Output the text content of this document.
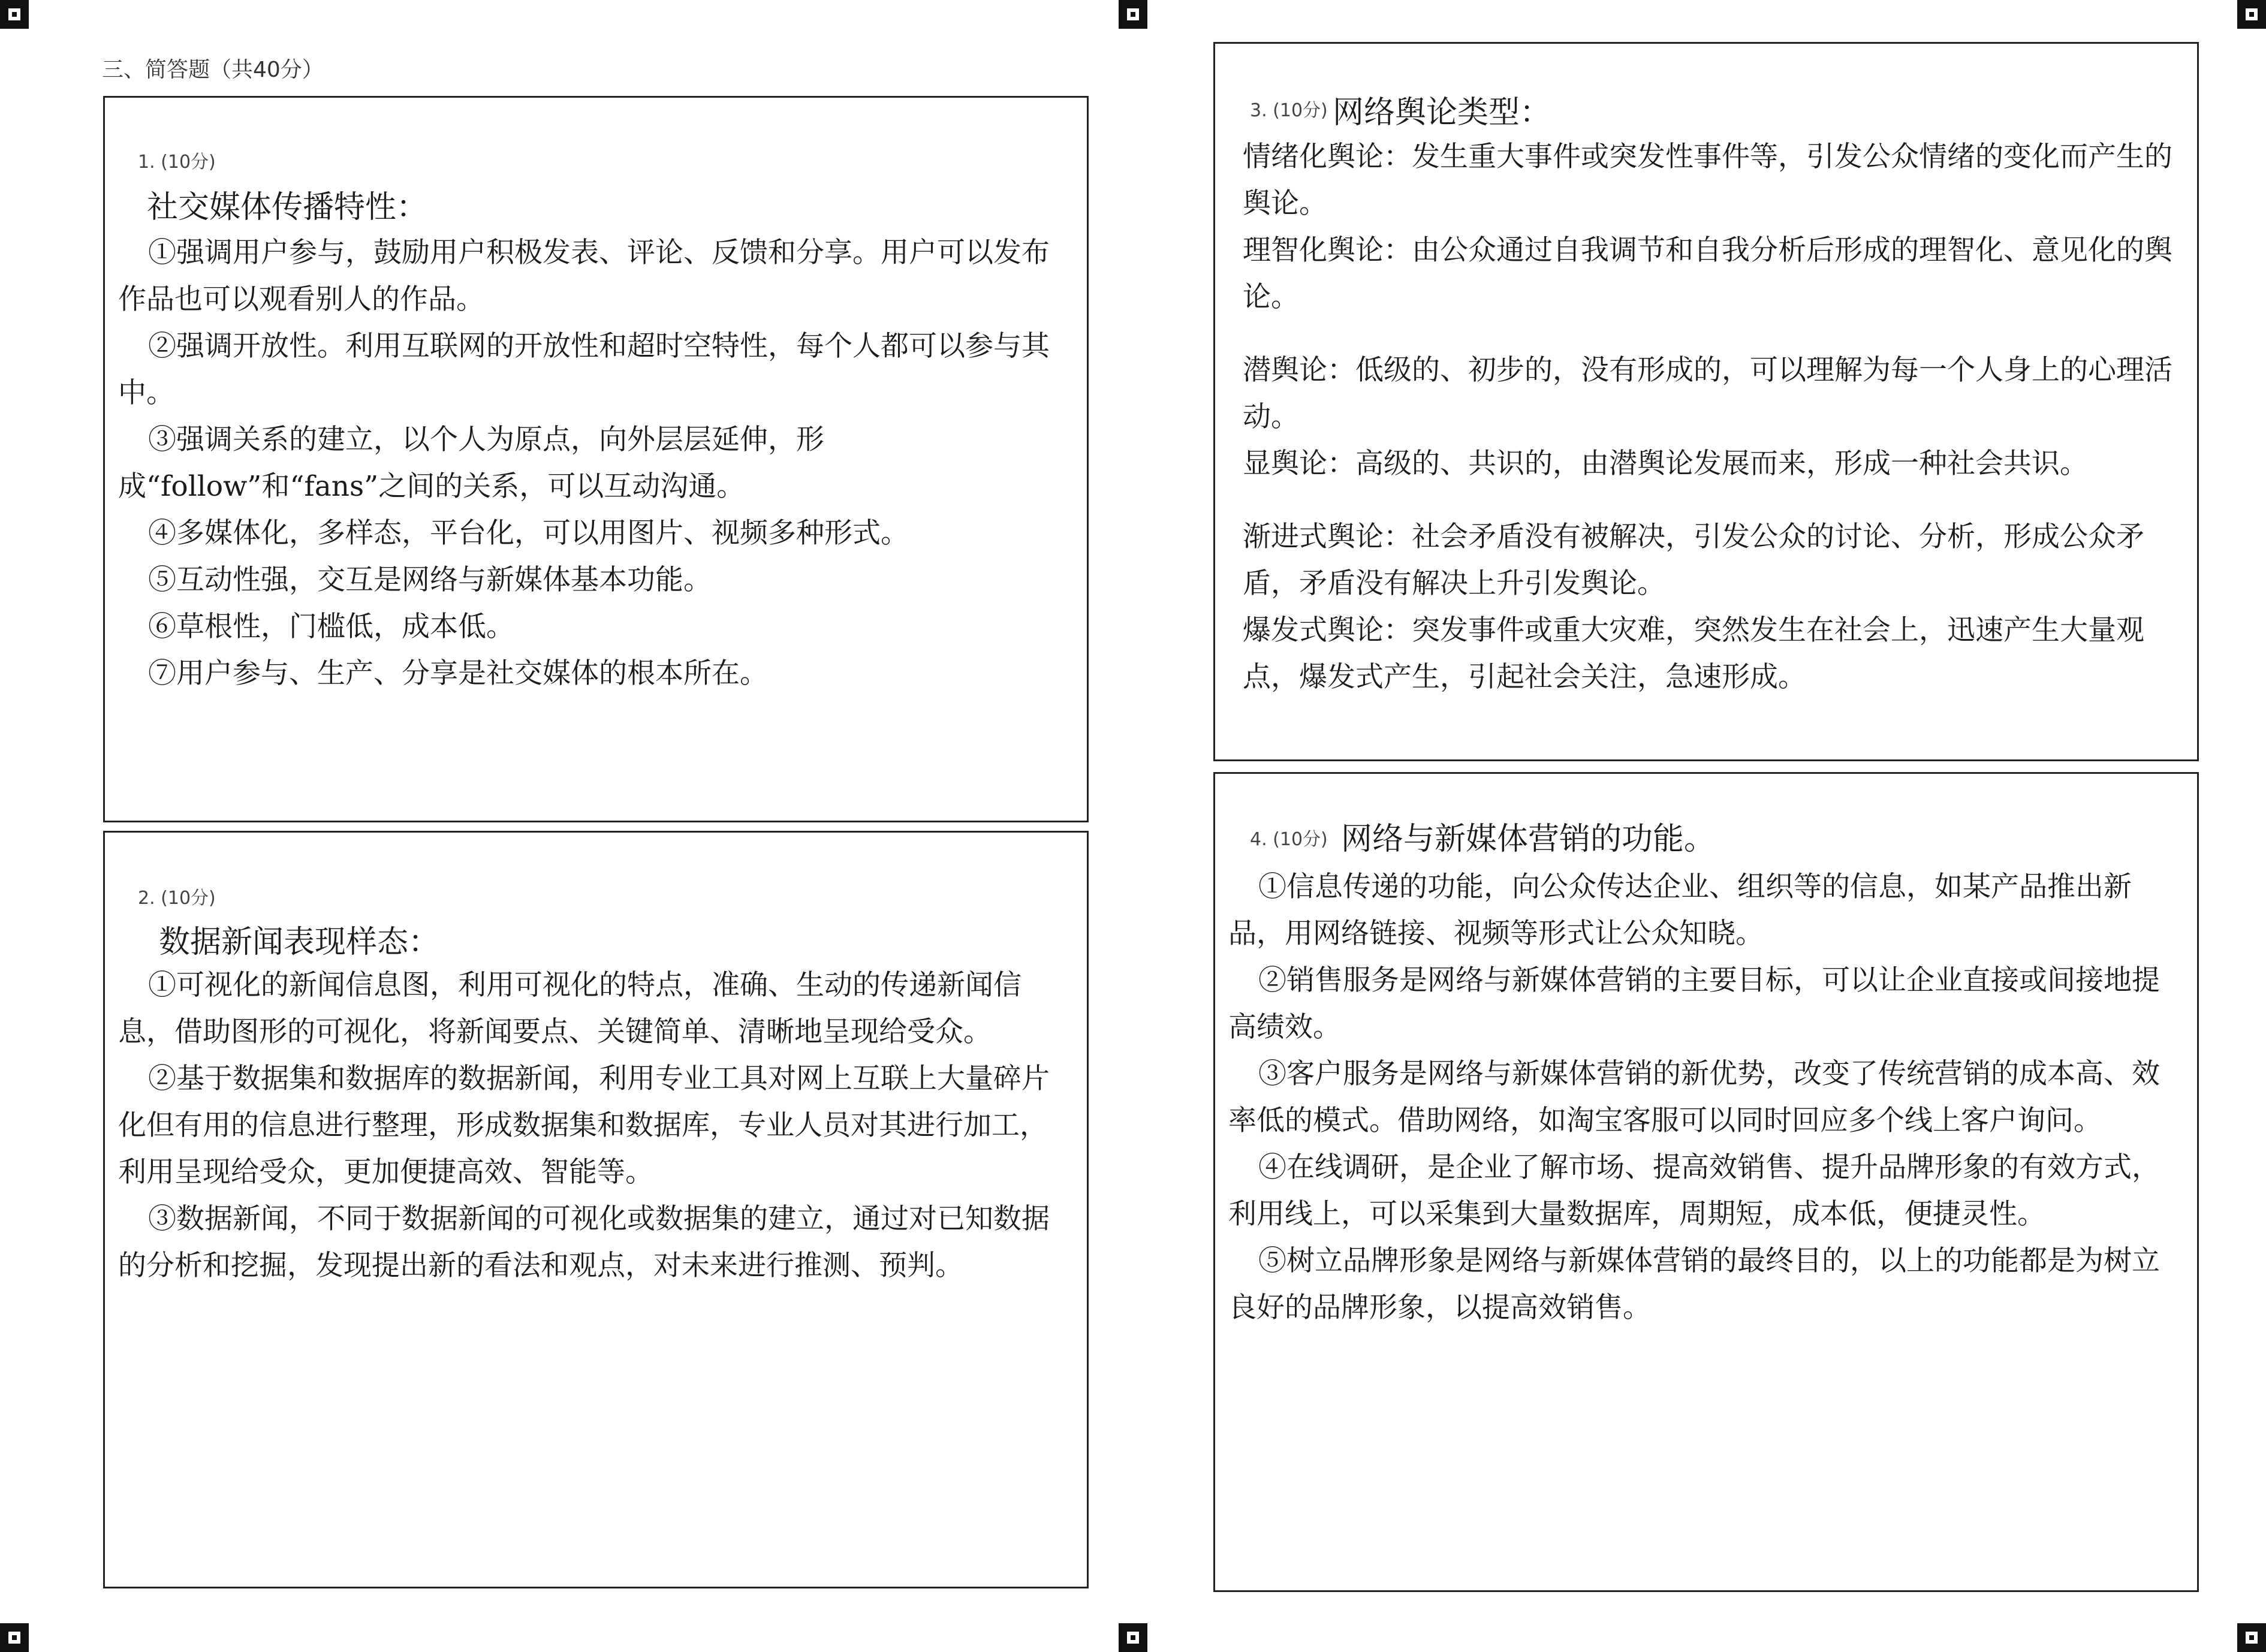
三、简答题（共40分）
1. (10分)
社交媒体传播特性：

①强调用户参与，鼓励用户积极发表、评论、反馈和分享。用户可以发布作品也可以观看别人的作品。

②强调开放性。利用互联网的开放性和超时空特性，每个人都可以参与其中。

③强调关系的建立，以个人为原点，向外层层延伸，形成“follow”和“fans”之间的关系，可以互动沟通。

④多媒体化，多样态，平台化，可以用图片、视频多种形式。

⑤互动性强，交互是网络与新媒体基本功能。

⑥草根性，门槛低，成本低。

⑦用户参与、生产、分享是社交媒体的根本所在。

2. (10分)
数据新闻表现样态：

①可视化的新闻信息图，利用可视化的特点，准确、生动的传递新闻信息，借助图形的可视化，将新闻要点、关键简单、清晰地呈现给受众。

②基于数据集和数据库的数据新闻，利用专业工具对网上互联上大量碎片化但有用的信息进行整理，形成数据集和数据库，专业人员对其进行加工，利用呈现给受众，更加便捷高效、智能等。

③数据新闻，不同于数据新闻的可视化或数据集的建立，通过对已知数据的分析和挖掘，发现提出新的看法和观点，对未来进行推测、预判。

3. (10分) 网络舆论类型：

情绪化舆论：发生重大事件或突发性事件等，引发公众情绪的变化而产生的舆论。

理智化舆论：由公众通过自我调节和自我分析后形成的理智化、意见化的舆论。

潜舆论：低级的、初步的，没有形成的，可以理解为每一个人身上的心理活动。

显舆论：高级的、共识的，由潜舆论发展而来，形成一种社会共识。

渐进式舆论：社会矛盾没有被解决，引发公众的讨论、分析，形成公众矛盾，矛盾没有解决上升引发舆论。

爆发式舆论：突发事件或重大灾难，突然发生在社会上，迅速产生大量观点，爆发式产生，引起社会关注，急速形成。

4. (10分) 网络与新媒体营销的功能。

①信息传递的功能，向公众传达企业、组织等的信息，如某产品推出新品，用网络链接、视频等形式让公众知晓。

②销售服务是网络与新媒体营销的主要目标，可以让企业直接或间接地提高绩效。

③客户服务是网络与新媒体营销的新优势，改变了传统营销的成本高、效率低的模式。借助网络，如淘宝客服可以同时回应多个线上客户询问。

④在线调研，是企业了解市场、提高效销售、提升品牌形象的有效方式，利用线上，可以采集到大量数据库，周期短，成本低，便捷灵性。

⑤树立品牌形象是网络与新媒体营销的最终目的，以上的功能都是为树立良好的品牌形象，以提高效销售。
